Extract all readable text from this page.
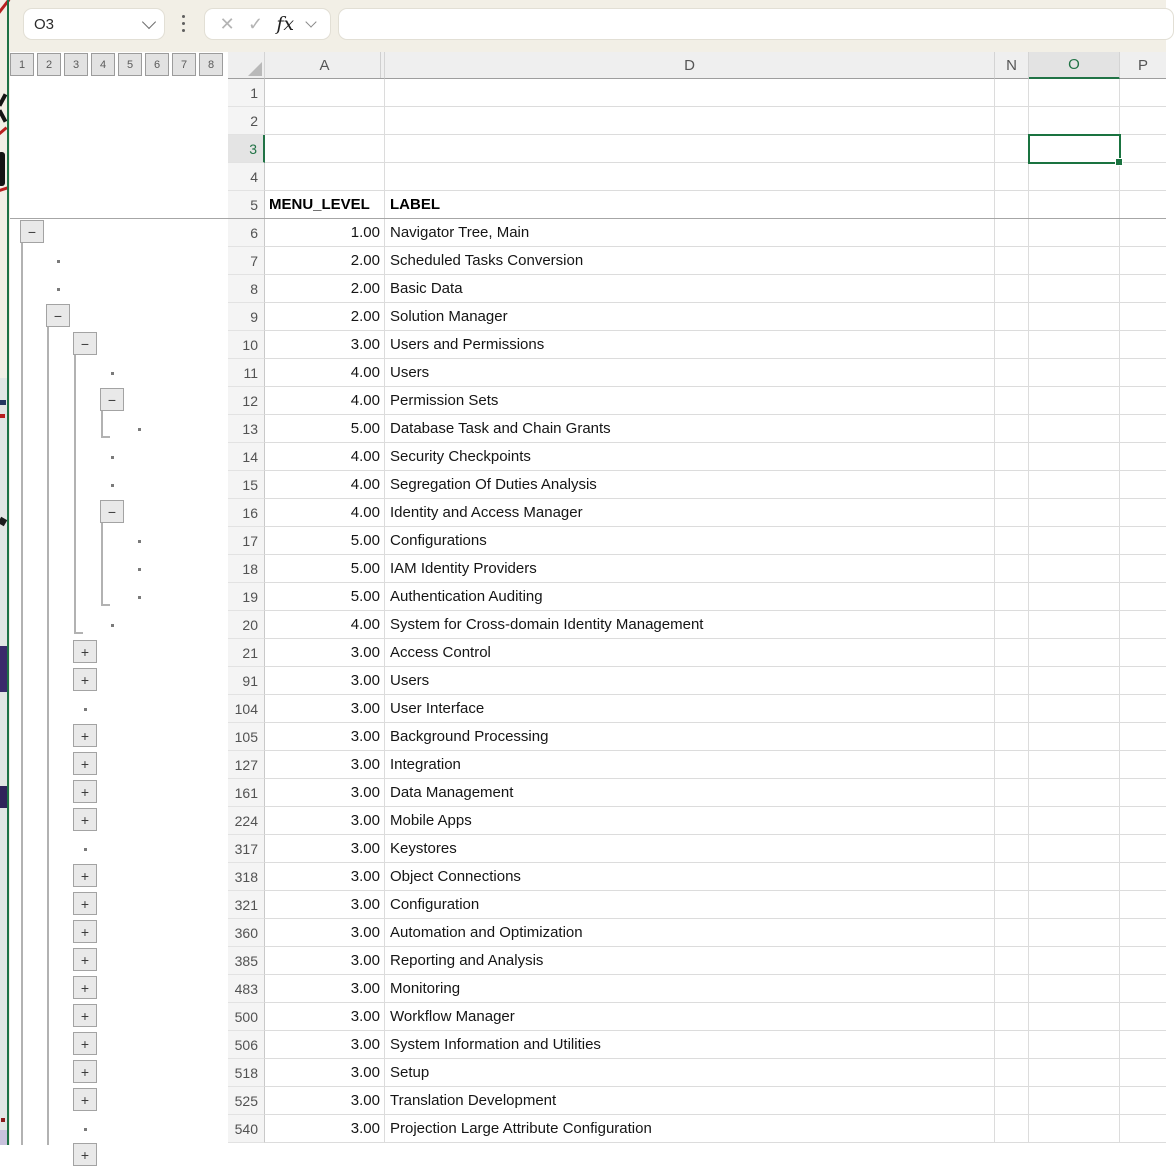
O3	✕ ✓ fx
1	2	3	4	5	6	7	8
−
−
−
−
−
+
+
+
+
+
+
+
+
+
+
+
+
+
+
+
+
A	D	N	O	P
1
2
3
4
5 MENU_LEVEL	LABEL
6	1.00 Navigator Tree, Main
7	2.00 Scheduled Tasks Conversion
8	2.00 Basic Data
9	2.00 Solution Manager
10	3.00 Users and Permissions
11	4.00 Users
12	4.00 Permission Sets
13	5.00 Database Task and Chain Grants
14	4.00 Security Checkpoints
15	4.00 Segregation Of Duties Analysis
16	4.00 Identity and Access Manager
17	5.00 Configurations
18	5.00 IAM Identity Providers
19	5.00 Authentication Auditing
20	4.00 System for Cross-domain Identity Management
21	3.00 Access Control
91	3.00 Users
104	3.00 User Interface
105	3.00 Background Processing
127	3.00 Integration
161	3.00 Data Management
224	3.00 Mobile Apps
317	3.00 Keystores
318	3.00 Object Connections
321	3.00 Configuration
360	3.00 Automation and Optimization
385	3.00 Reporting and Analysis
483	3.00 Monitoring
500	3.00 Workflow Manager
506	3.00 System Information and Utilities
518	3.00 Setup
525	3.00 Translation Development
540	3.00 Projection Large Attribute Configuration
